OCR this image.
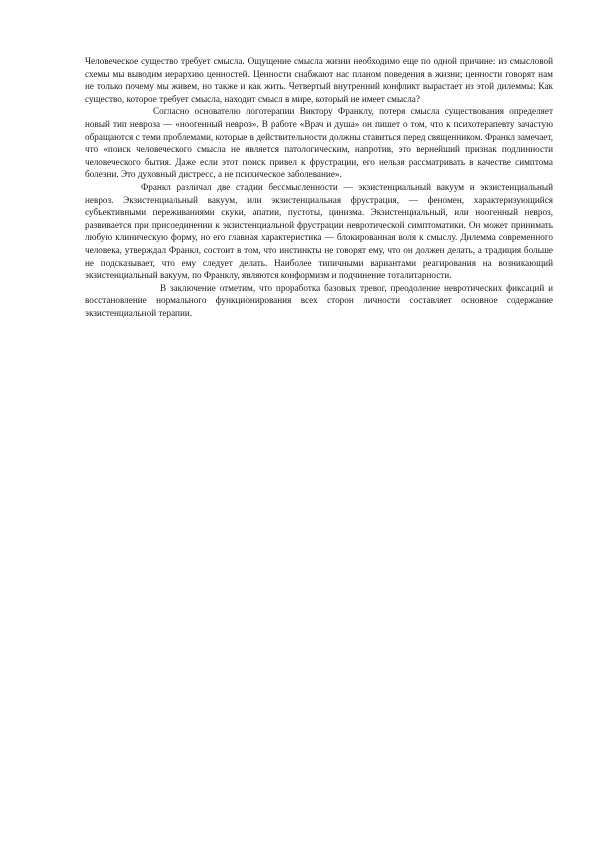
Человеческое существо требует смысла. Ощущение смысла жизни необходимо еще по одной причине: из смысловой схемы мы выводим иерархию ценностей. Ценности снабжают нас планом поведения в жизни; ценности говорят нам не только почему мы живем, но также и как жить. Четвертый внутренний конфликт вырастает из этой дилеммы: Как существо, которое требует смысла, находит смысл в мире, который не имеет смысла?

Согласно основателю логотерапии Виктору Франклу, потеря смысла существования определяет новый тип невроза — «ноогенный невроз». В работе «Врач и душа» он пишет о том, что к психотерапевту зачастую обращаются с теми проблемами, которые в действительности должны ставиться перед священником. Франкл замечает, что «поиск человеческого смысла не является патологическим, напротив, это вернейший признак подлинности человеческого бытия. Даже если этот поиск привел к фрустрации, его нельзя рассматривать в качестве симптома болезни. Это духовный дистресс, а не психическое заболевание».

Франкл различал две стадии бессмысленности — экзистенциальный вакуум и экзистенциальный невроз. Экзистенциальный вакуум, или экзистенциальная фрустрация, — феномен, характеризующийся субъективными переживаниями скуки, апатии, пустоты, цинизма. Экзистенциальный, или ноогенный невроз, развивается при присоединении к экзистенциальной фрустрации невротической симптоматики. Он может принимать любую клиническую форму, но его главная характеристика — блокированная воля к смыслу. Дилемма современного человека, утверждал Франкл, состоит в том, что инстинкты не говорят ему, что он должен делать, а традиция больше не подсказывает, что ему следует делать. Наиболее типичными вариантами реагирования на возникающий экзистенциальный вакуум, по Франклу, являются конформизм и подчинение тоталитарности.

В заключение отметим, что проработка базовых тревог, преодоление невротических фиксаций и восстановление нормального функционирования всех сторон личности составляет основное содержание экзистенциальной терапии.
